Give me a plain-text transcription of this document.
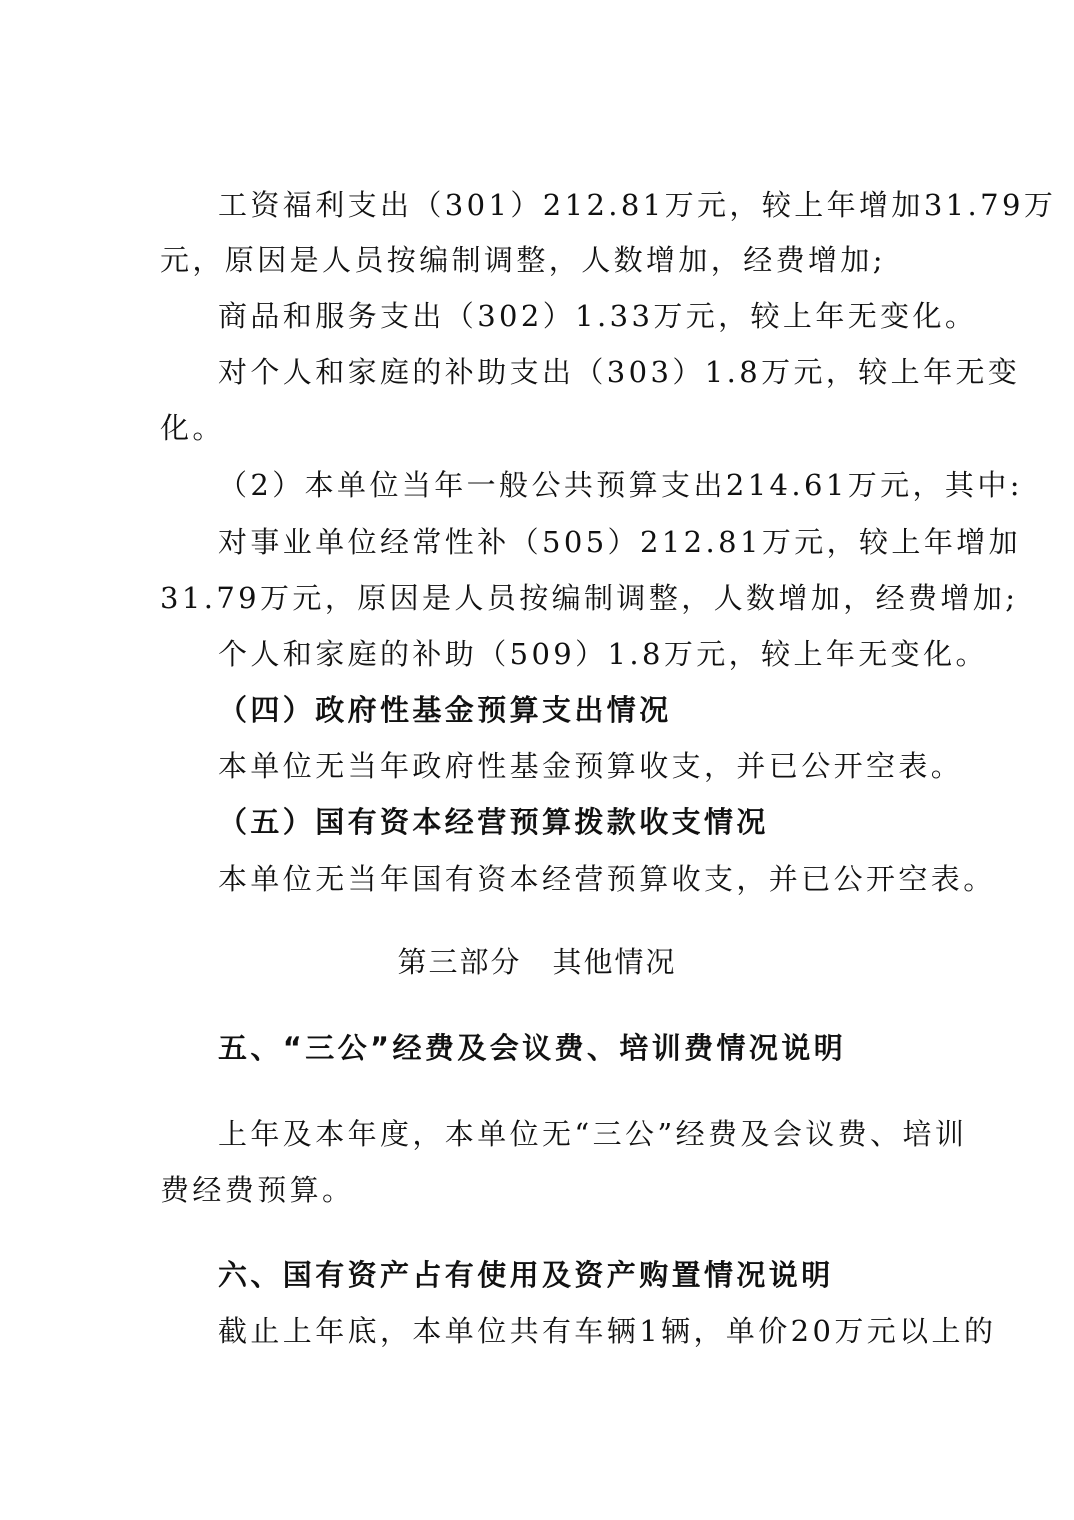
工资福利支出（301）212.81万元，较上年增加31.79万
元，原因是人员按编制调整，人数增加，经费增加;
商品和服务支出（302）1.33万元，较上年无变化。
对个人和家庭的补助支出（303）1.8万元，较上年无变
化。
（2）本单位当年一般公共预算支出214.61万元，其中:
对事业单位经常性补（505）212.81万元，较上年增加
31.79万元，原因是人员按编制调整，人数增加，经费增加;
个人和家庭的补助（509）1.8万元，较上年无变化。
（四）政府性基金预算支出情况
本单位无当年政府性基金预算收支，并已公开空表。
（五）国有资本经营预算拨款收支情况
本单位无当年国有资本经营预算收支，并已公开空表。
第三部分　其他情况
五、“三公”经费及会议费、培训费情况说明
上年及本年度，本单位无“三公”经费及会议费、培训
费经费预算。
六、国有资产占有使用及资产购置情况说明
截止上年底，本单位共有车辆1辆，单价20万元以上的
